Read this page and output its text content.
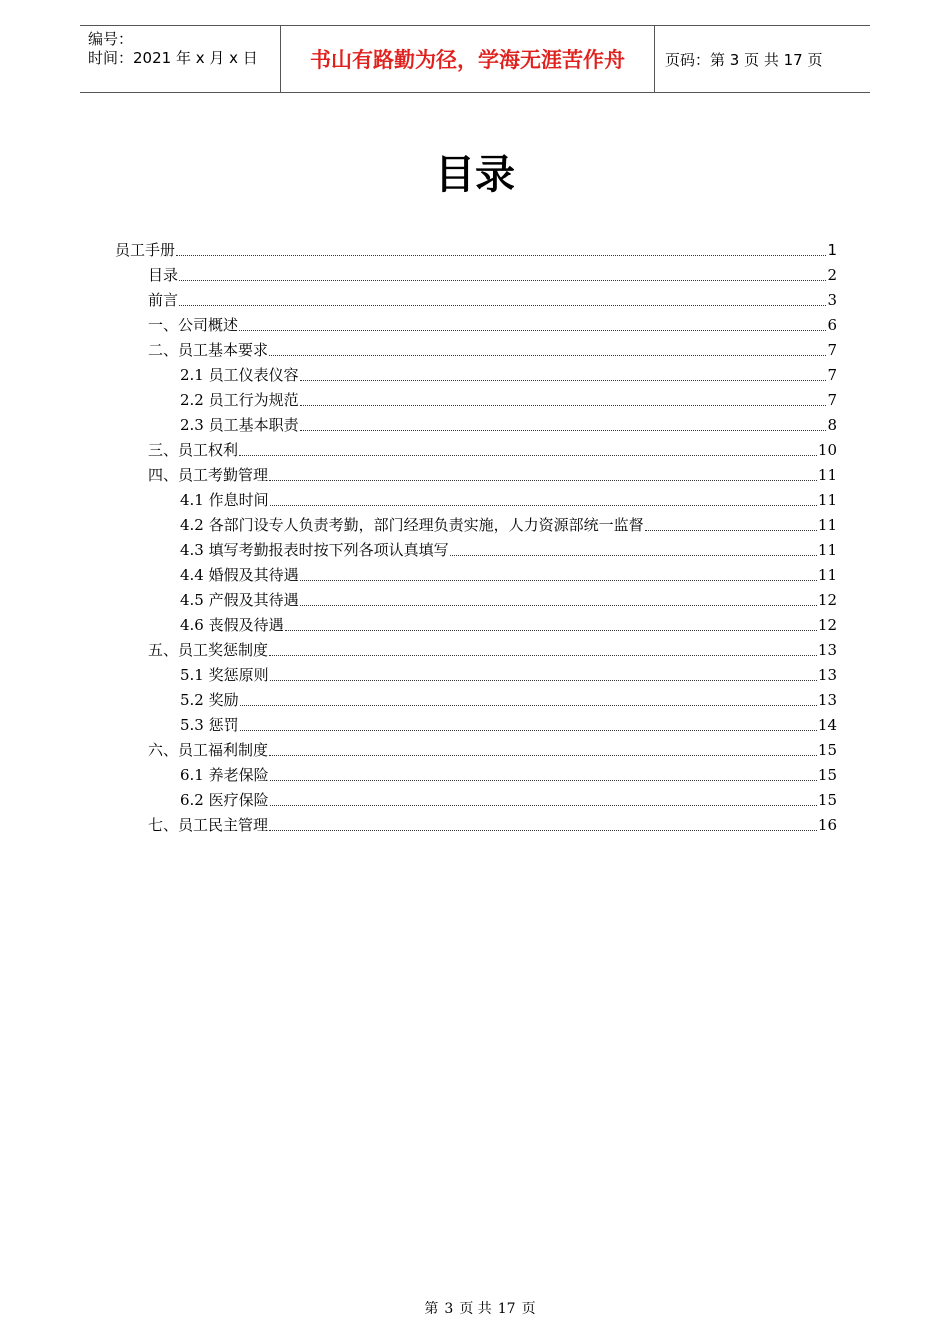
编号：
时间：2021 年 x 月 x 日	书山有路勤为径，学海无涯苦作舟	页码：第 3 页 共 17 页
目录
员工手册	1
目录	2
前言	3
一、公司概述	6
二、员工基本要求	7
2.1 员工仪表仪容	7
2.2 员工行为规范	7
2.3 员工基本职责	8
三、员工权利	10
四、员工考勤管理	11
4.1 作息时间	11
4.2 各部门设专人负责考勤，部门经理负责实施，人力资源部统一监督	11
4.3 填写考勤报表时按下列各项认真填写	11
4.4 婚假及其待遇	11
4.5 产假及其待遇	12
4.6 丧假及待遇	12
五、员工奖惩制度	13
5.1 奖惩原则	13
5.2 奖励	13
5.3 惩罚	14
六、员工福利制度	15
6.1 养老保险	15
6.2 医疗保险	15
七、员工民主管理	16
第 3 页 共 17 页
